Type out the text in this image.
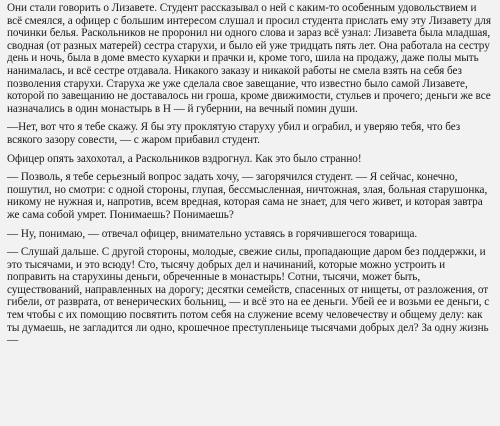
Они стали говорить о Лизавете. Студент рассказывал о ней с каким-то особенным удовольствием и всё смеялся, а офицер с большим интересом слушал и просил студента прислать ему эту Лизавету для починки белья. Раскольников не проронил ни одного слова и зараз всё узнал: Лизавета была младшая, сводная (от разных матерей) сестра старухи, и было ей уже тридцать пять лет. Она работала на сестру день и ночь, была в доме вместо кухарки и прачки и, кроме того, шила на продажу, даже полы мыть нанималась, и всё сестре отдавала. Никакого заказу и никакой работы не смела взять на себя без позволения старухи. Старуха же уже сделала свое завещание, что известно было самой Лизавете, которой по завещанию не доставалось ни гроша, кроме движимости, стульев и прочего; деньги же все назначались в один монастырь в Н — й губернии, на вечный помин души.

—Нет, вот что я тебе скажу. Я бы эту проклятую старуху убил и ограбил, и уверяю тебя, что без всякого зазору совести, — с жаром прибавил студент.

Офицер опять захохотал, а Раскольников вздрогнул. Как это было странно!

— Позволь, я тебе серьезный вопрос задать хочу, — загорячился студент. — Я сейчас, конечно, пошутил, но смотри: с одной стороны, глупая, бессмысленная, ничтожная, злая, больная старушонка, никому не нужная и, напротив, всем вредная, которая сама не знает, для чего живет, и которая завтра же сама собой умрет. Понимаешь? Понимаешь?

— Ну, понимаю, — отвечал офицер, внимательно уставясь в горячившегося товарища.

— Слушай дальше. С другой стороны, молодые, свежие силы, пропадающие даром без поддержки, и это тысячами, и это всюду! Сто, тысячу добрых дел и начинаний, которые можно устроить и поправить на старухины деньги, обреченные в монастырь! Сотни, тысячи, может быть, существований, направленных на дорогу; десятки семейств, спасенных от нищеты, от разложения, от гибели, от разврата, от венерических больниц, — и всё это на ее деньги. Убей ее и возьми ее деньги, с тем чтобы с их помощию посвятить потом себя на служение всему человечеству и общему делу: как ты думаешь, не загладится ли одно, крошечное преступленьице тысячами добрых дел? За одну жизнь —
